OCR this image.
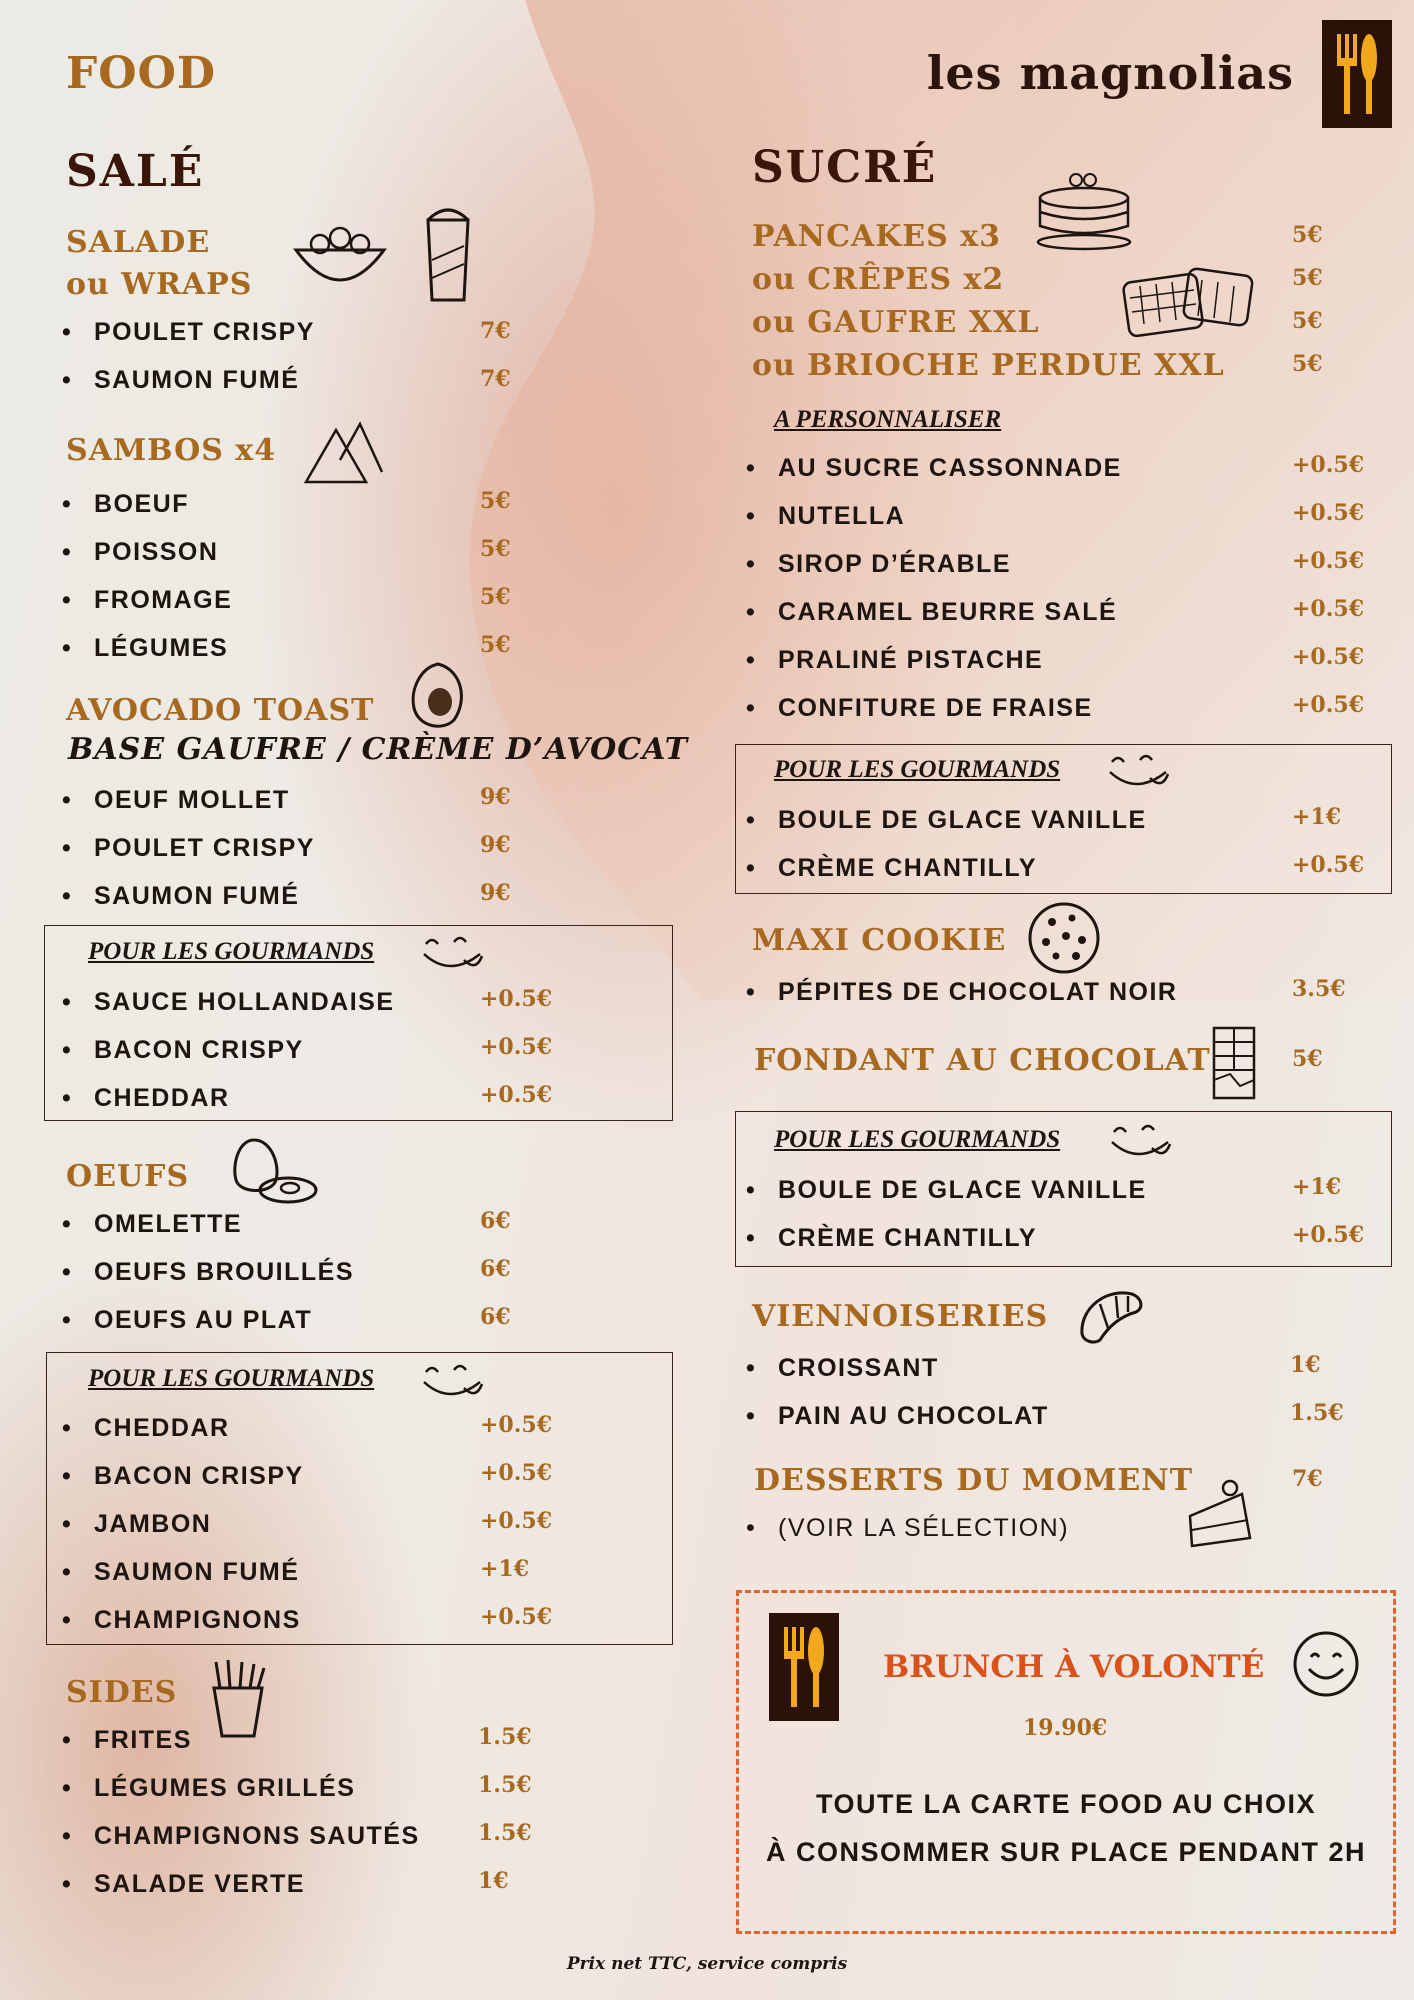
FOOD	les magnolias
SALÉ
SALADE
ou WRAPS
• POULET CRISPY	7€
• SAUMON FUMÉ	7€
SAMBOS x4
• BOEUF	5€
• POISSON	5€
• FROMAGE	5€
• LÉGUMES	5€
AVOCADO TOAST
BASE GAUFRE / CRÈME D’AVOCAT
• OEUF MOLLET	9€
• POULET CRISPY	9€
• SAUMON FUMÉ	9€
POUR LES GOURMANDS
• SAUCE HOLLANDAISE	+0.5€
• BACON CRISPY	+0.5€
• CHEDDAR	+0.5€
OEUFS
• OMELETTE	6€
• OEUFS BROUILLÉS	6€
• OEUFS AU PLAT	6€
POUR LES GOURMANDS
• CHEDDAR	+0.5€
• BACON CRISPY	+0.5€
• JAMBON	+0.5€
• SAUMON FUMÉ	+1€
• CHAMPIGNONS	+0.5€
SIDES
• FRITES	1.5€
• LÉGUMES GRILLÉS	1.5€
• CHAMPIGNONS SAUTÉS	1.5€
• SALADE VERTE	1€
SUCRÉ
PANCAKES x3	5€
ou CRÊPES x2	5€
ou GAUFRE XXL	5€
ou BRIOCHE PERDUE XXL	5€
A PERSONNALISER
• AU SUCRE CASSONNADE	+0.5€
• NUTELLA	+0.5€
• SIROP D’ÉRABLE	+0.5€
• CARAMEL BEURRE SALÉ	+0.5€
• PRALINÉ PISTACHE	+0.5€
• CONFITURE DE FRAISE	+0.5€
POUR LES GOURMANDS
• BOULE DE GLACE VANILLE	+1€
• CRÈME CHANTILLY	+0.5€
MAXI COOKIE
• PÉPITES DE CHOCOLAT NOIR	3.5€
FONDANT AU CHOCOLAT	5€
POUR LES GOURMANDS
• BOULE DE GLACE VANILLE	+1€
• CRÈME CHANTILLY	+0.5€
VIENNOISERIES
• CROISSANT	1€
• PAIN AU CHOCOLAT	1.5€
DESSERTS DU MOMENT	7€
• (VOIR LA SÉLECTION)
BRUNCH À VOLONTÉ
19.90€
TOUTE LA CARTE FOOD AU CHOIX
À CONSOMMER SUR PLACE PENDANT 2H
Prix net TTC, service compris
